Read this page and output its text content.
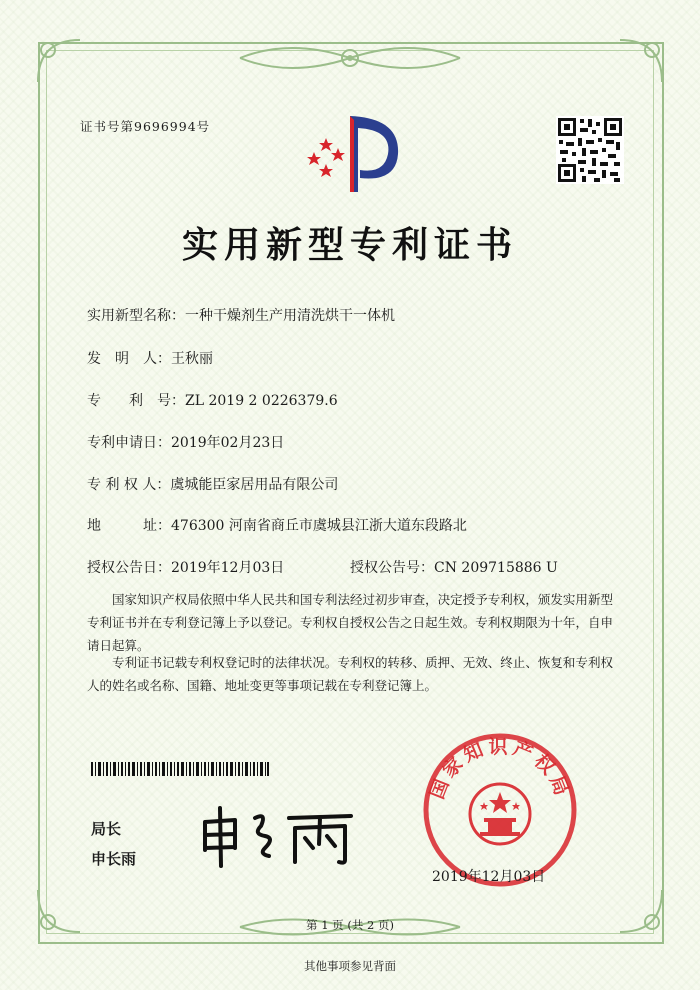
证书号第9696994号
实用新型专利证书
实用新型名称：一种干燥剂生产用清洗烘干一体机
发　明　人：王秋丽
专　　利　号：ZL 2019 2 0226379.6
专利申请日：2019年02月23日
专 利 权 人：虞城能臣家居用品有限公司
地　　　址：476300 河南省商丘市虞城县江浙大道东段路北
授权公告日：2019年12月03日	授权公告号：CN 209715886 U
国家知识产权局依照中华人民共和国专利法经过初步审查，决定授予专利权，颁发实用新型专利证书并在专利登记簿上予以登记。专利权自授权公告之日起生效。专利权期限为十年，自申请日起算。
专利证书记载专利权登记时的法律状况。专利权的转移、质押、无效、终止、恢复和专利权人的姓名或名称、国籍、地址变更等事项记载在专利登记簿上。
局长
申长雨
国家知识产权局
2019年12月03日
第 1 页 (共 2 页)
其他事项参见背面
